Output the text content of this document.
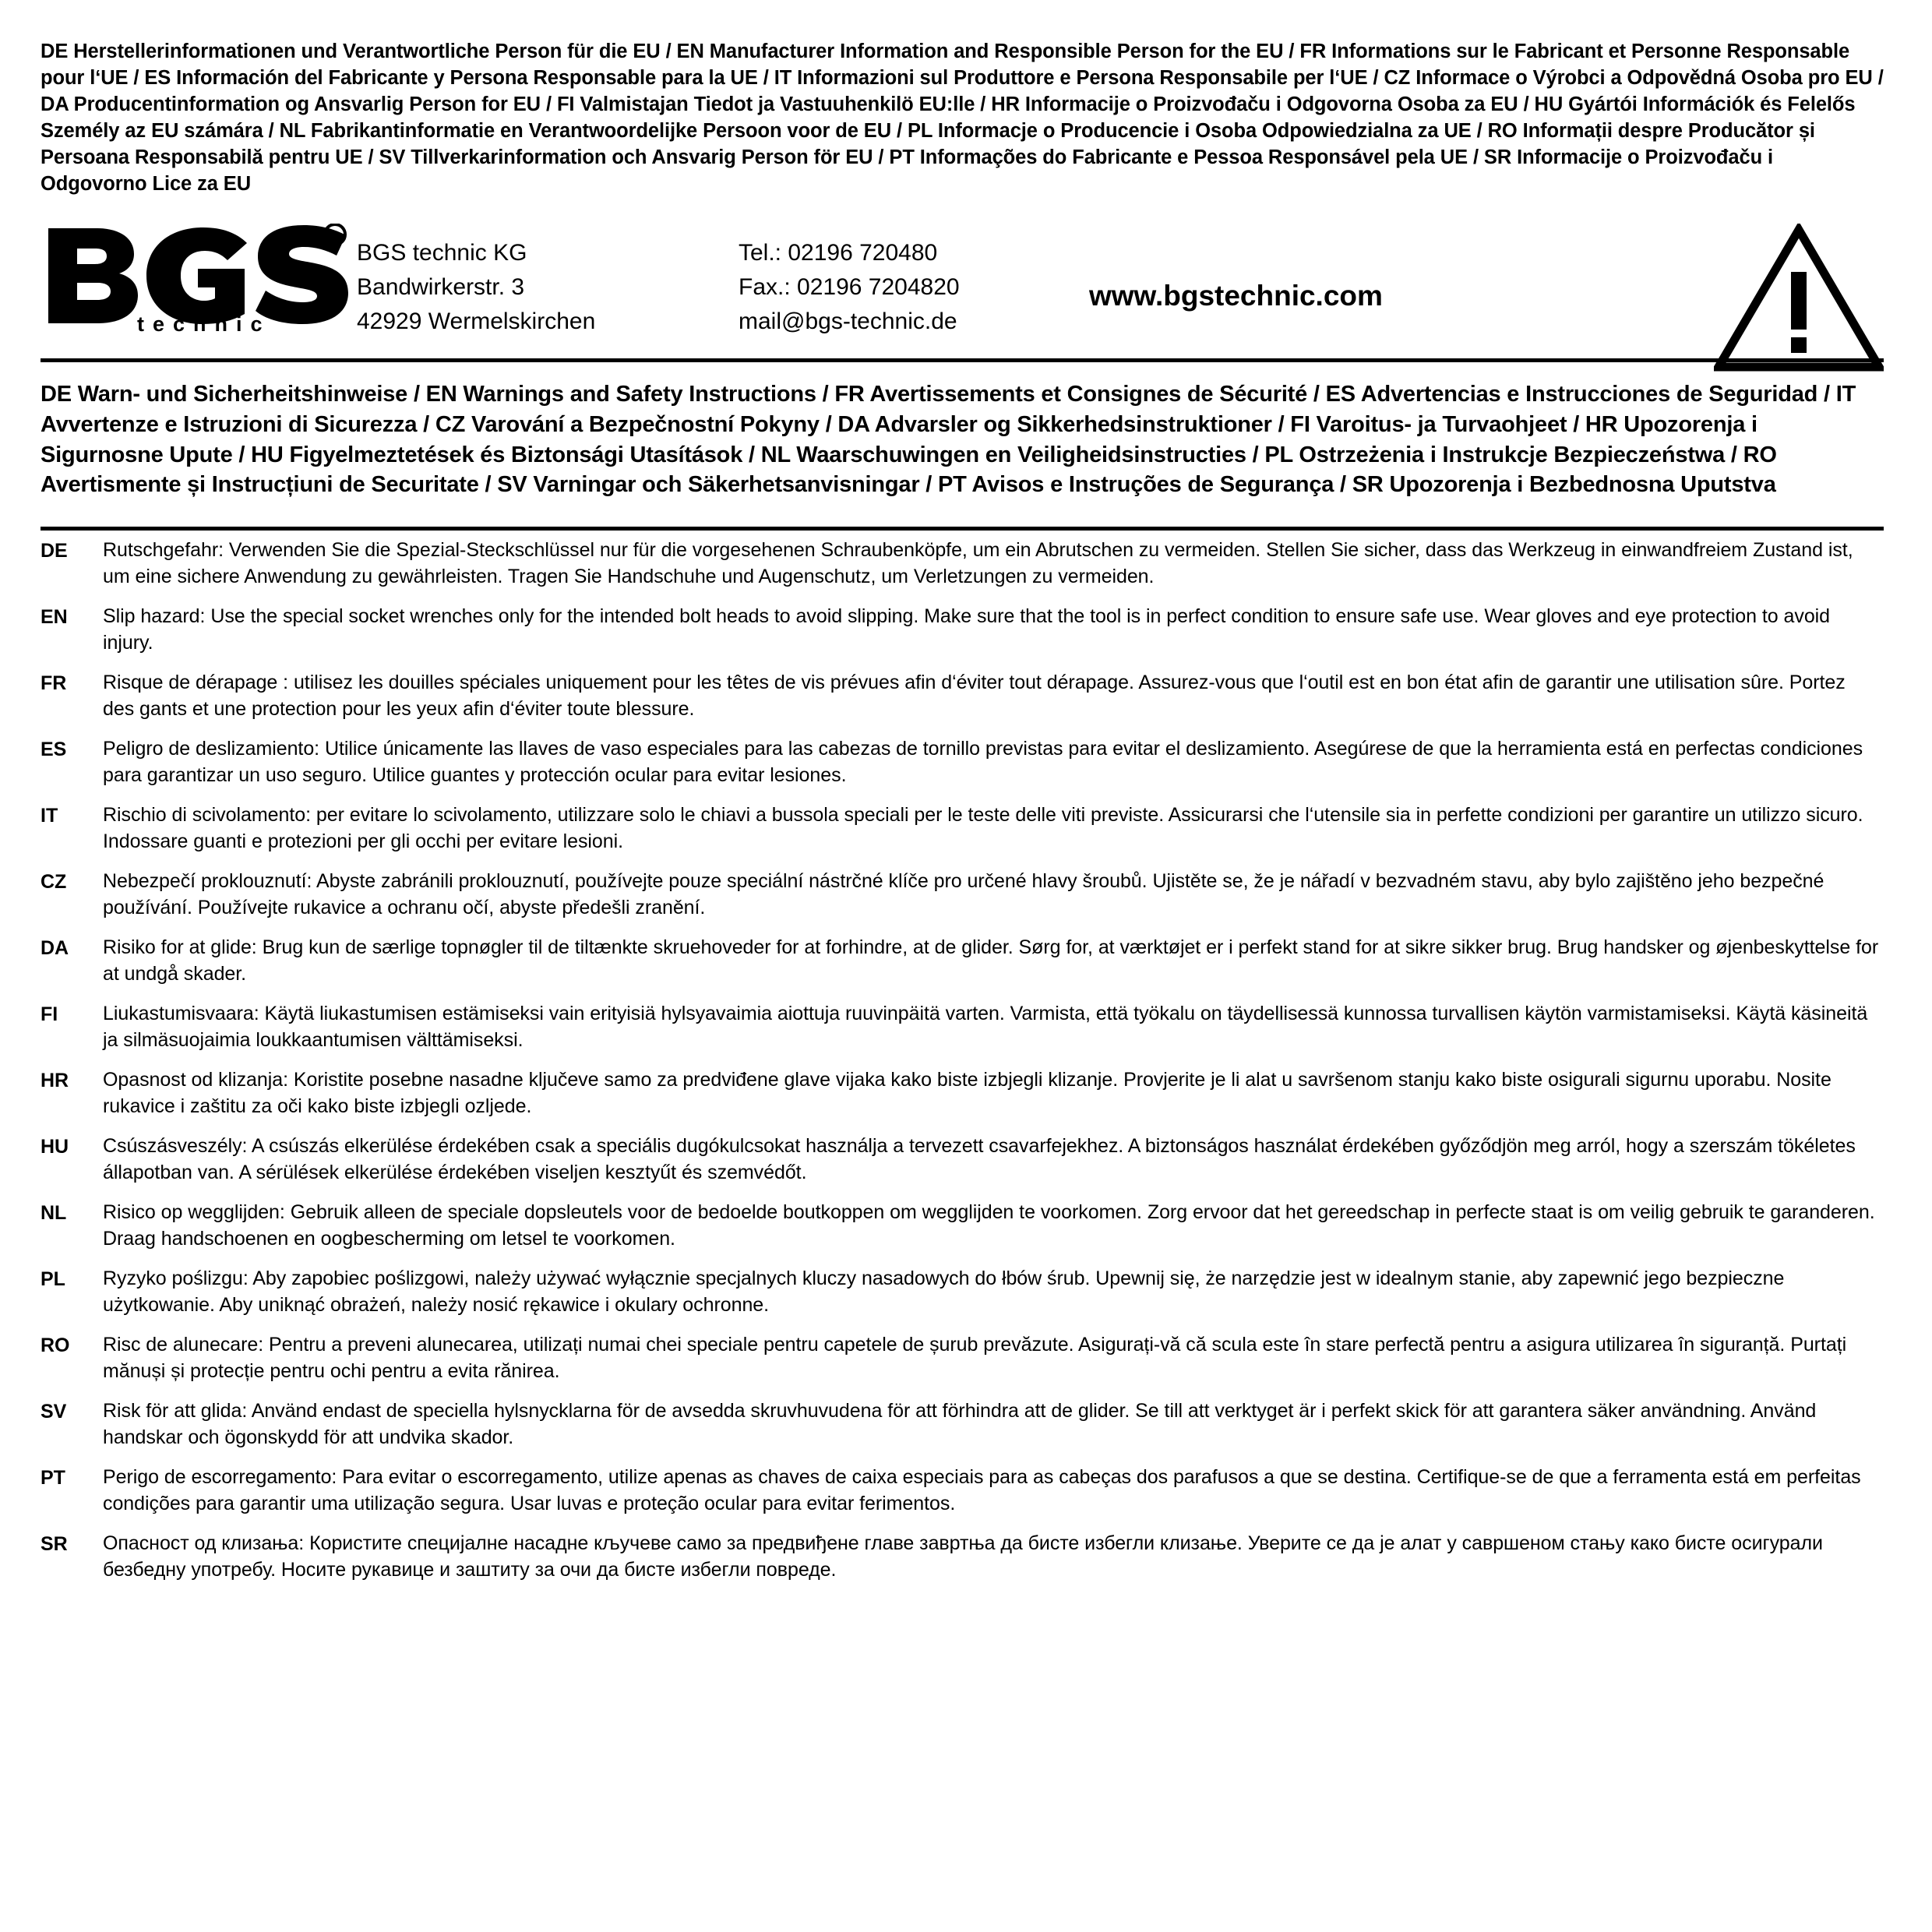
DE Herstellerinformationen und Verantwortliche Person für die EU / EN Manufacturer Information and Responsible Person for the EU / FR Informations sur le Fabricant et Personne Responsable pour l‘UE / ES Información del Fabricante y Persona Responsable para la UE / IT Informazioni sul Produttore e Persona Responsabile per l‘UE / CZ Informace o Výrobci a Odpovědná Osoba pro EU / DA Producentinformation og Ansvarlig Person for EU / FI Valmistajan Tiedot ja Vastuuhenkilö EU:lle / HR Informacije o Proizvođaču i Odgovorna Osoba za EU / HU Gyártói Információk és Felelős Személy az EU számára / NL Fabrikantinformatie en Verantwoordelijke Persoon voor de EU / PL Informacje o Producencie i Osoba Odpowiedzialna za UE / RO Informații despre Producător și Persoana Responsabilă pentru UE / SV Tillverkarinformation och Ansvarig Person för EU / PT Informações do Fabricante e Pessoa Responsável pela UE / SR Informacije o Proizvođaču i Odgovorno Lice za EU
R
technic
BGS technic KG
Bandwirkerstr. 3
42929 Wermelskirchen
Tel.: 02196 720480
Fax.: 02196 7204820
mail@bgs-technic.de
www.bgstechnic.com
DE Warn- und Sicherheitshinweise / EN Warnings and Safety Instructions / FR Avertissements et Consignes de Sécurité / ES Advertencias e Instrucciones de Seguridad / IT Avvertenze e Istruzioni di Sicurezza / CZ Varování a Bezpečnostní Pokyny / DA Advarsler og Sikkerhedsinstruktioner / FI Varoitus- ja Turvaohjeet / HR Upozorenja i Sigurnosne Upute / HU Figyelmeztetések és Biztonsági Utasítások / NL Waarschuwingen en Veiligheidsinstructies / PL Ostrzeżenia i Instrukcje Bezpieczeństwa / RO Avertismente și Instrucțiuni de Securitate / SV Varningar och Säkerhetsanvisningar / PT Avisos e Instruções de Segurança / SR Upozorenja i Bezbednosna Uputstva
DE	Rutschgefahr: Verwenden Sie die Spezial-Steckschlüssel nur für die vorgesehenen Schraubenköpfe, um ein Abrutschen zu vermeiden. Stellen Sie sicher, dass das Werkzeug in einwandfreiem Zustand ist, um eine sichere Anwendung zu gewährleisten. Tragen Sie Handschuhe und Augenschutz, um Verletzungen zu vermeiden.
EN	Slip hazard: Use the special socket wrenches only for the intended bolt heads to avoid slipping. Make sure that the tool is in perfect condition to ensure safe use. Wear gloves and eye protection to avoid injury.
FR	Risque de dérapage : utilisez les douilles spéciales uniquement pour les têtes de vis prévues afin d‘éviter tout dérapage. Assurez-vous que l‘outil est en bon état afin de garantir une utilisation sûre. Portez des gants et une protection pour les yeux afin d‘éviter toute blessure.
ES	Peligro de deslizamiento: Utilice únicamente las llaves de vaso especiales para las cabezas de tornillo previstas para evitar el deslizamiento. Asegúrese de que la herramienta está en perfectas condiciones para garantizar un uso seguro. Utilice guantes y protección ocular para evitar lesiones.
IT	Rischio di scivolamento: per evitare lo scivolamento, utilizzare solo le chiavi a bussola speciali per le teste delle viti previste. Assicurarsi che l‘utensile sia in perfette condizioni per garantire un utilizzo sicuro. Indossare guanti e protezioni per gli occhi per evitare lesioni.
CZ	Nebezpečí proklouznutí: Abyste zabránili proklouznutí, používejte pouze speciální nástrčné klíče pro určené hlavy šroubů. Ujistěte se, že je nářadí v bezvadném stavu, aby bylo zajištěno jeho bezpečné používání. Používejte rukavice a ochranu očí, abyste předešli zranění.
DA	Risiko for at glide: Brug kun de særlige topnøgler til de tiltænkte skruehoveder for at forhindre, at de glider. Sørg for, at værktøjet er i perfekt stand for at sikre sikker brug. Brug handsker og øjenbeskyttelse for at undgå skader.
FI	Liukastumisvaara: Käytä liukastumisen estämiseksi vain erityisiä hylsyavaimia aiottuja ruuvinpäitä varten. Varmista, että työkalu on täydellisessä kunnossa turvallisen käytön varmistamiseksi. Käytä käsineitä ja silmäsuojaimia loukkaantumisen välttämiseksi.
HR	Opasnost od klizanja: Koristite posebne nasadne ključeve samo za predviđene glave vijaka kako biste izbjegli klizanje. Provjerite je li alat u savršenom stanju kako biste osigurali sigurnu uporabu. Nosite rukavice i zaštitu za oči kako biste izbjegli ozljede.
HU	Csúszásveszély: A csúszás elkerülése érdekében csak a speciális dugókulcsokat használja a tervezett csavarfejekhez. A biztonságos használat érdekében győződjön meg arról, hogy a szerszám tökéletes állapotban van. A sérülések elkerülése érdekében viseljen kesztyűt és szemvédőt.
NL	Risico op wegglijden: Gebruik alleen de speciale dopsleutels voor de bedoelde boutkoppen om wegglijden te voorkomen. Zorg ervoor dat het gereedschap in perfecte staat is om veilig gebruik te garanderen. Draag handschoenen en oogbescherming om letsel te voorkomen.
PL	Ryzyko poślizgu: Aby zapobiec poślizgowi, należy używać wyłącznie specjalnych kluczy nasadowych do łbów śrub. Upewnij się, że narzędzie jest w idealnym stanie, aby zapewnić jego bezpieczne użytkowanie. Aby uniknąć obrażeń, należy nosić rękawice i okulary ochronne.
RO	Risc de alunecare: Pentru a preveni alunecarea, utilizați numai chei speciale pentru capetele de șurub prevăzute. Asigurați-vă că scula este în stare perfectă pentru a asigura utilizarea în siguranță. Purtați mănuși și protecție pentru ochi pentru a evita rănirea.
SV	Risk för att glida: Använd endast de speciella hylsnycklarna för de avsedda skruvhuvudena för att förhindra att de glider. Se till att verktyget är i perfekt skick för att garantera säker användning. Använd handskar och ögonskydd för att undvika skador.
PT	Perigo de escorregamento: Para evitar o escorregamento, utilize apenas as chaves de caixa especiais para as cabeças dos parafusos a que se destina. Certifique-se de que a ferramenta está em perfeitas condições para garantir uma utilização segura. Usar luvas e proteção ocular para evitar ferimentos.
SR	Опасност од клизања: Користите специјалне насадне кључеве само за предвиђене главе завртња да бисте избегли клизање. Уверите се да је алат у савршеном стању како бисте осигурали безбедну употребу. Носите рукавице и заштиту за очи да бисте избегли повреде.
